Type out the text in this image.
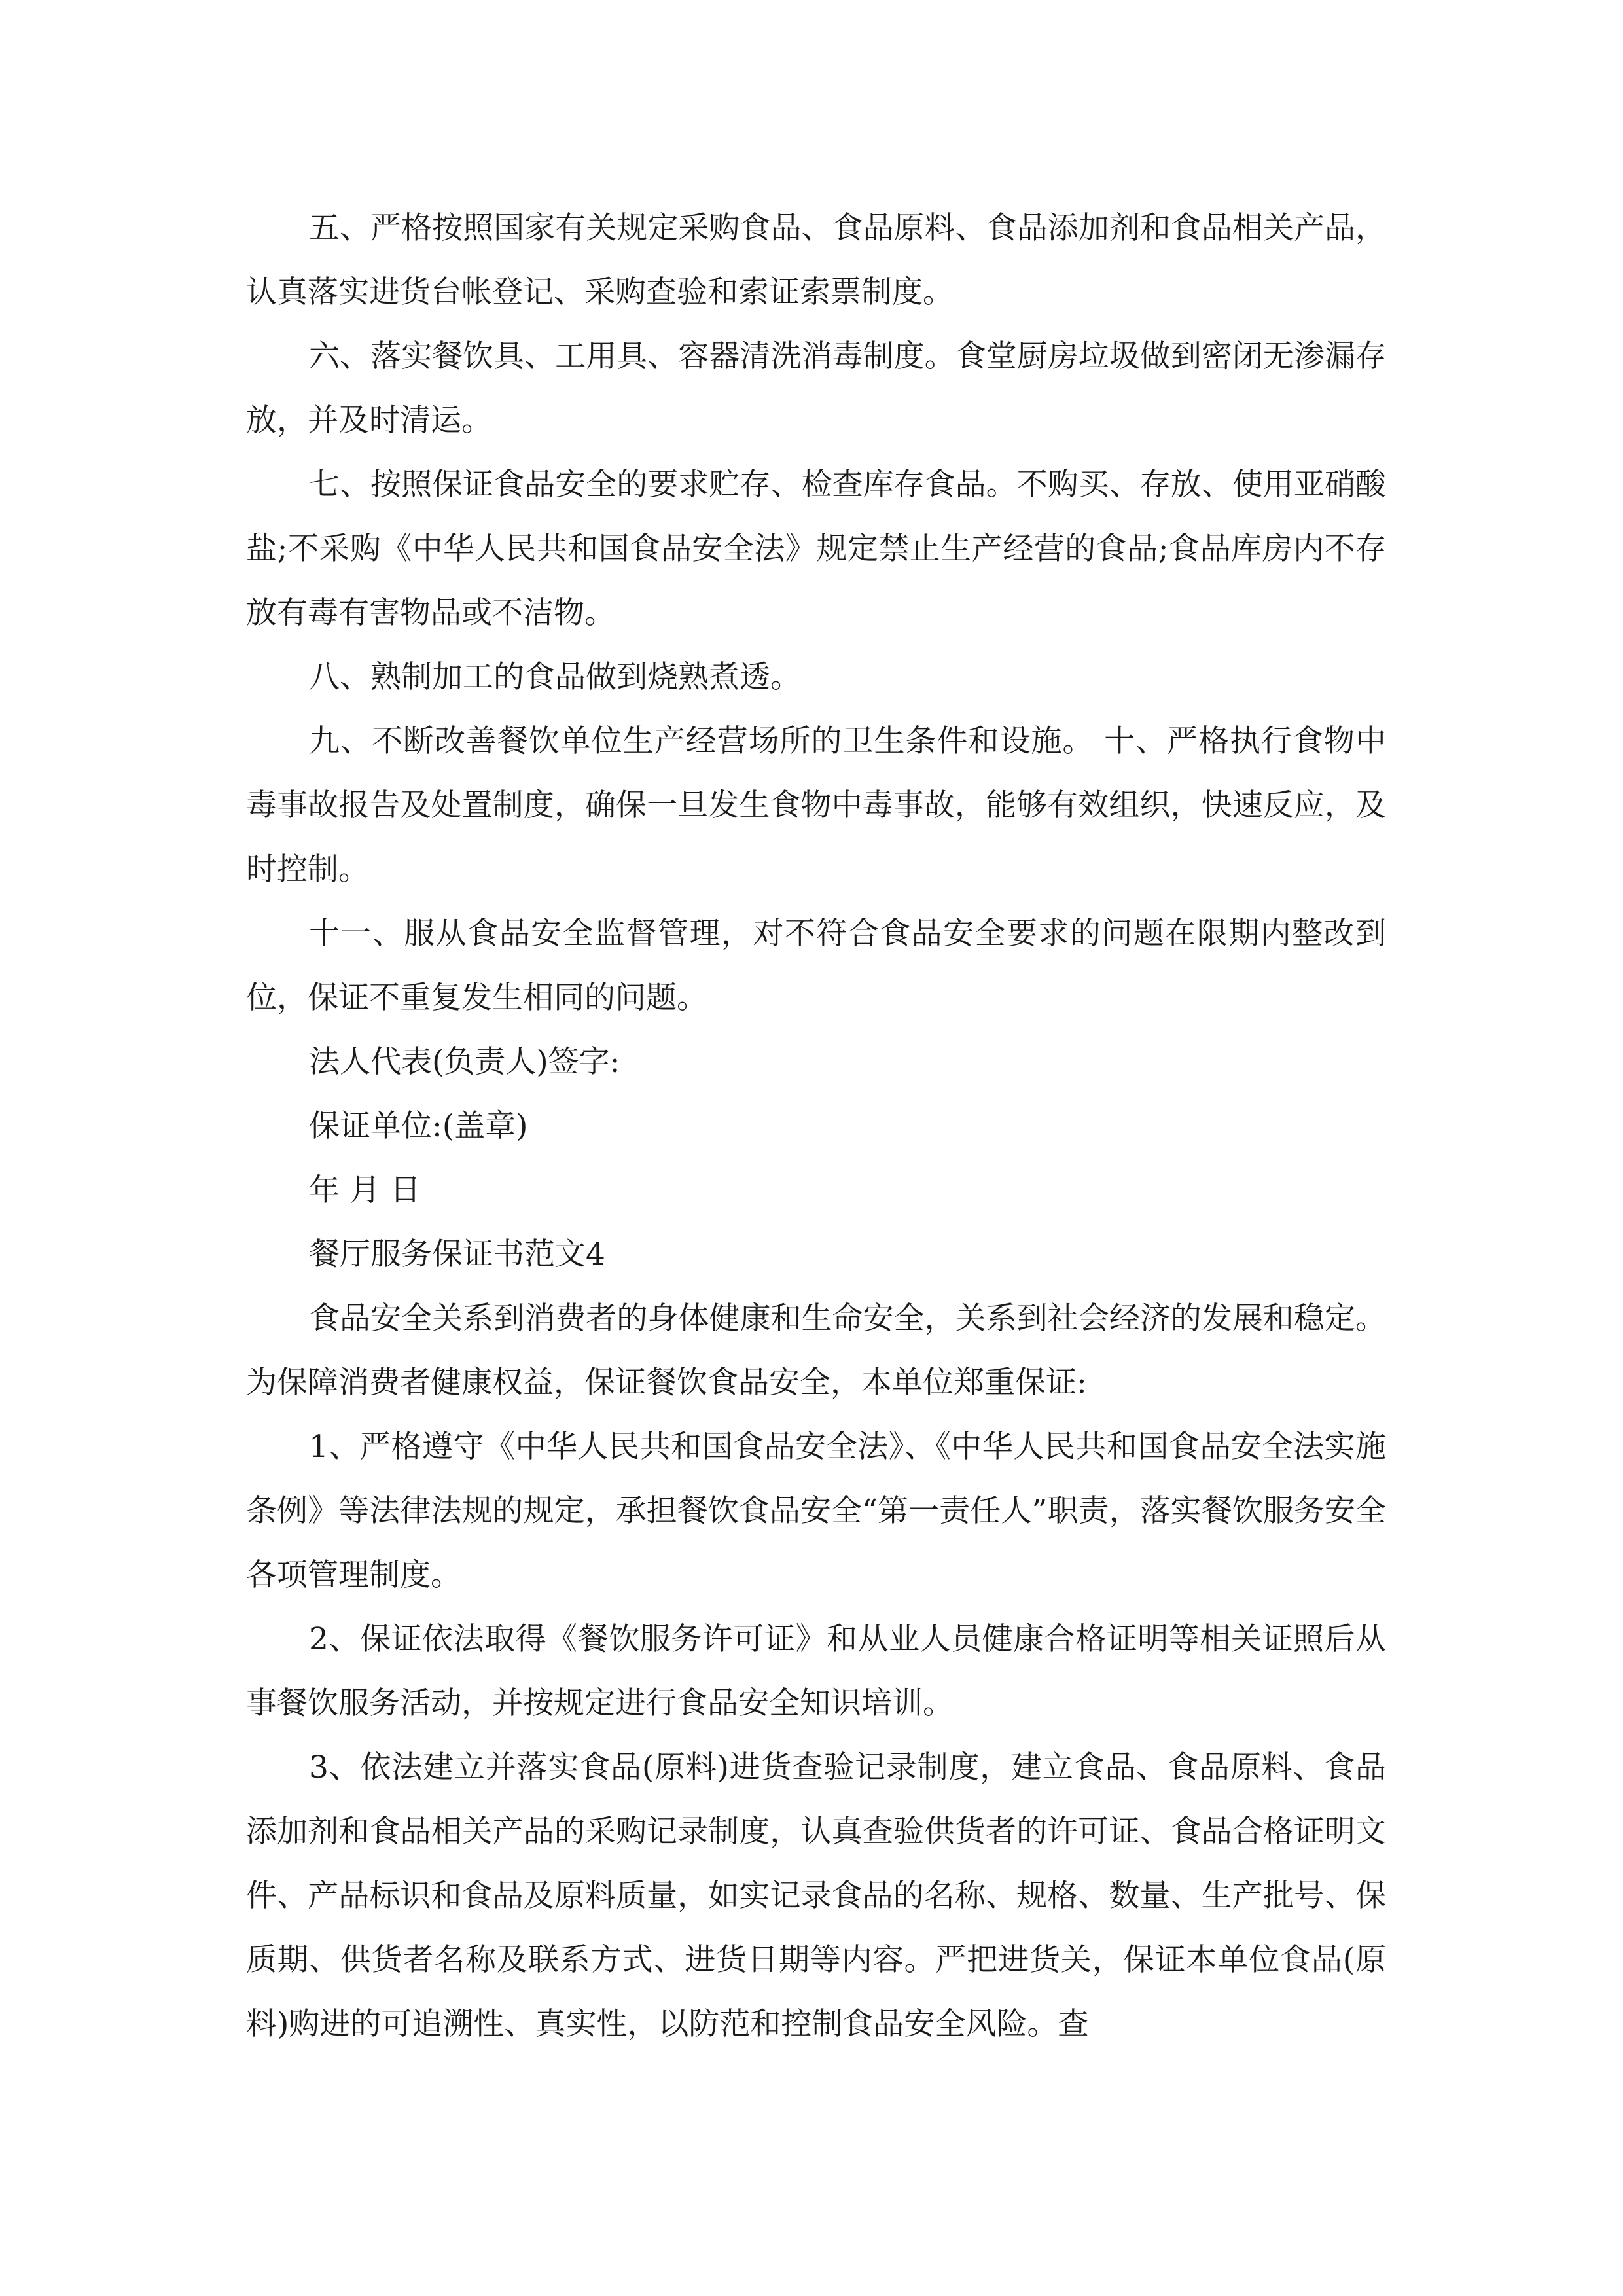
五、严格按照国家有关规定采购食品、食品原料、食品添加剂和食品相关产品，认真落实进货台帐登记、采购查验和索证索票制度。

六、落实餐饮具、工用具、容器清洗消毒制度。食堂厨房垃圾做到密闭无渗漏存放，并及时清运。

七、按照保证食品安全的要求贮存、检查库存食品。不购买、存放、使用亚硝酸盐;不采购《中华人民共和国食品安全法》规定禁止生产经营的食品;食品库房内不存放有毒有害物品或不洁物。

八、熟制加工的食品做到烧熟煮透。

九、不断改善餐饮单位生产经营场所的卫生条件和设施。 十、严格执行食物中毒事故报告及处置制度，确保一旦发生食物中毒事故，能够有效组织，快速反应，及时控制。

十一、服从食品安全监督管理，对不符合食品安全要求的问题在限期内整改到位，保证不重复发生相同的问题。

法人代表(负责人)签字:

保证单位:(盖章)

年 月 日

餐厅服务保证书范文4

食品安全关系到消费者的身体健康和生命安全，关系到社会经济的发展和稳定。为保障消费者健康权益，保证餐饮食品安全，本单位郑重保证:

1、严格遵守《中华人民共和国食品安全法》、《中华人民共和国食品安全法实施条例》等法律法规的规定，承担餐饮食品安全“第一责任人”职责，落实餐饮服务安全各项管理制度。

2、保证依法取得《餐饮服务许可证》和从业人员健康合格证明等相关证照后从事餐饮服务活动，并按规定进行食品安全知识培训。

3、依法建立并落实食品(原料)进货查验记录制度，建立食品、食品原料、食品添加剂和食品相关产品的采购记录制度，认真查验供货者的许可证、食品合格证明文件、产品标识和食品及原料质量，如实记录食品的名称、规格、数量、生产批号、保质期、供货者名称及联系方式、进货日期等内容。严把进货关，保证本单位食品(原料)购进的可追溯性、真实性，以防范和控制食品安全风险。查
